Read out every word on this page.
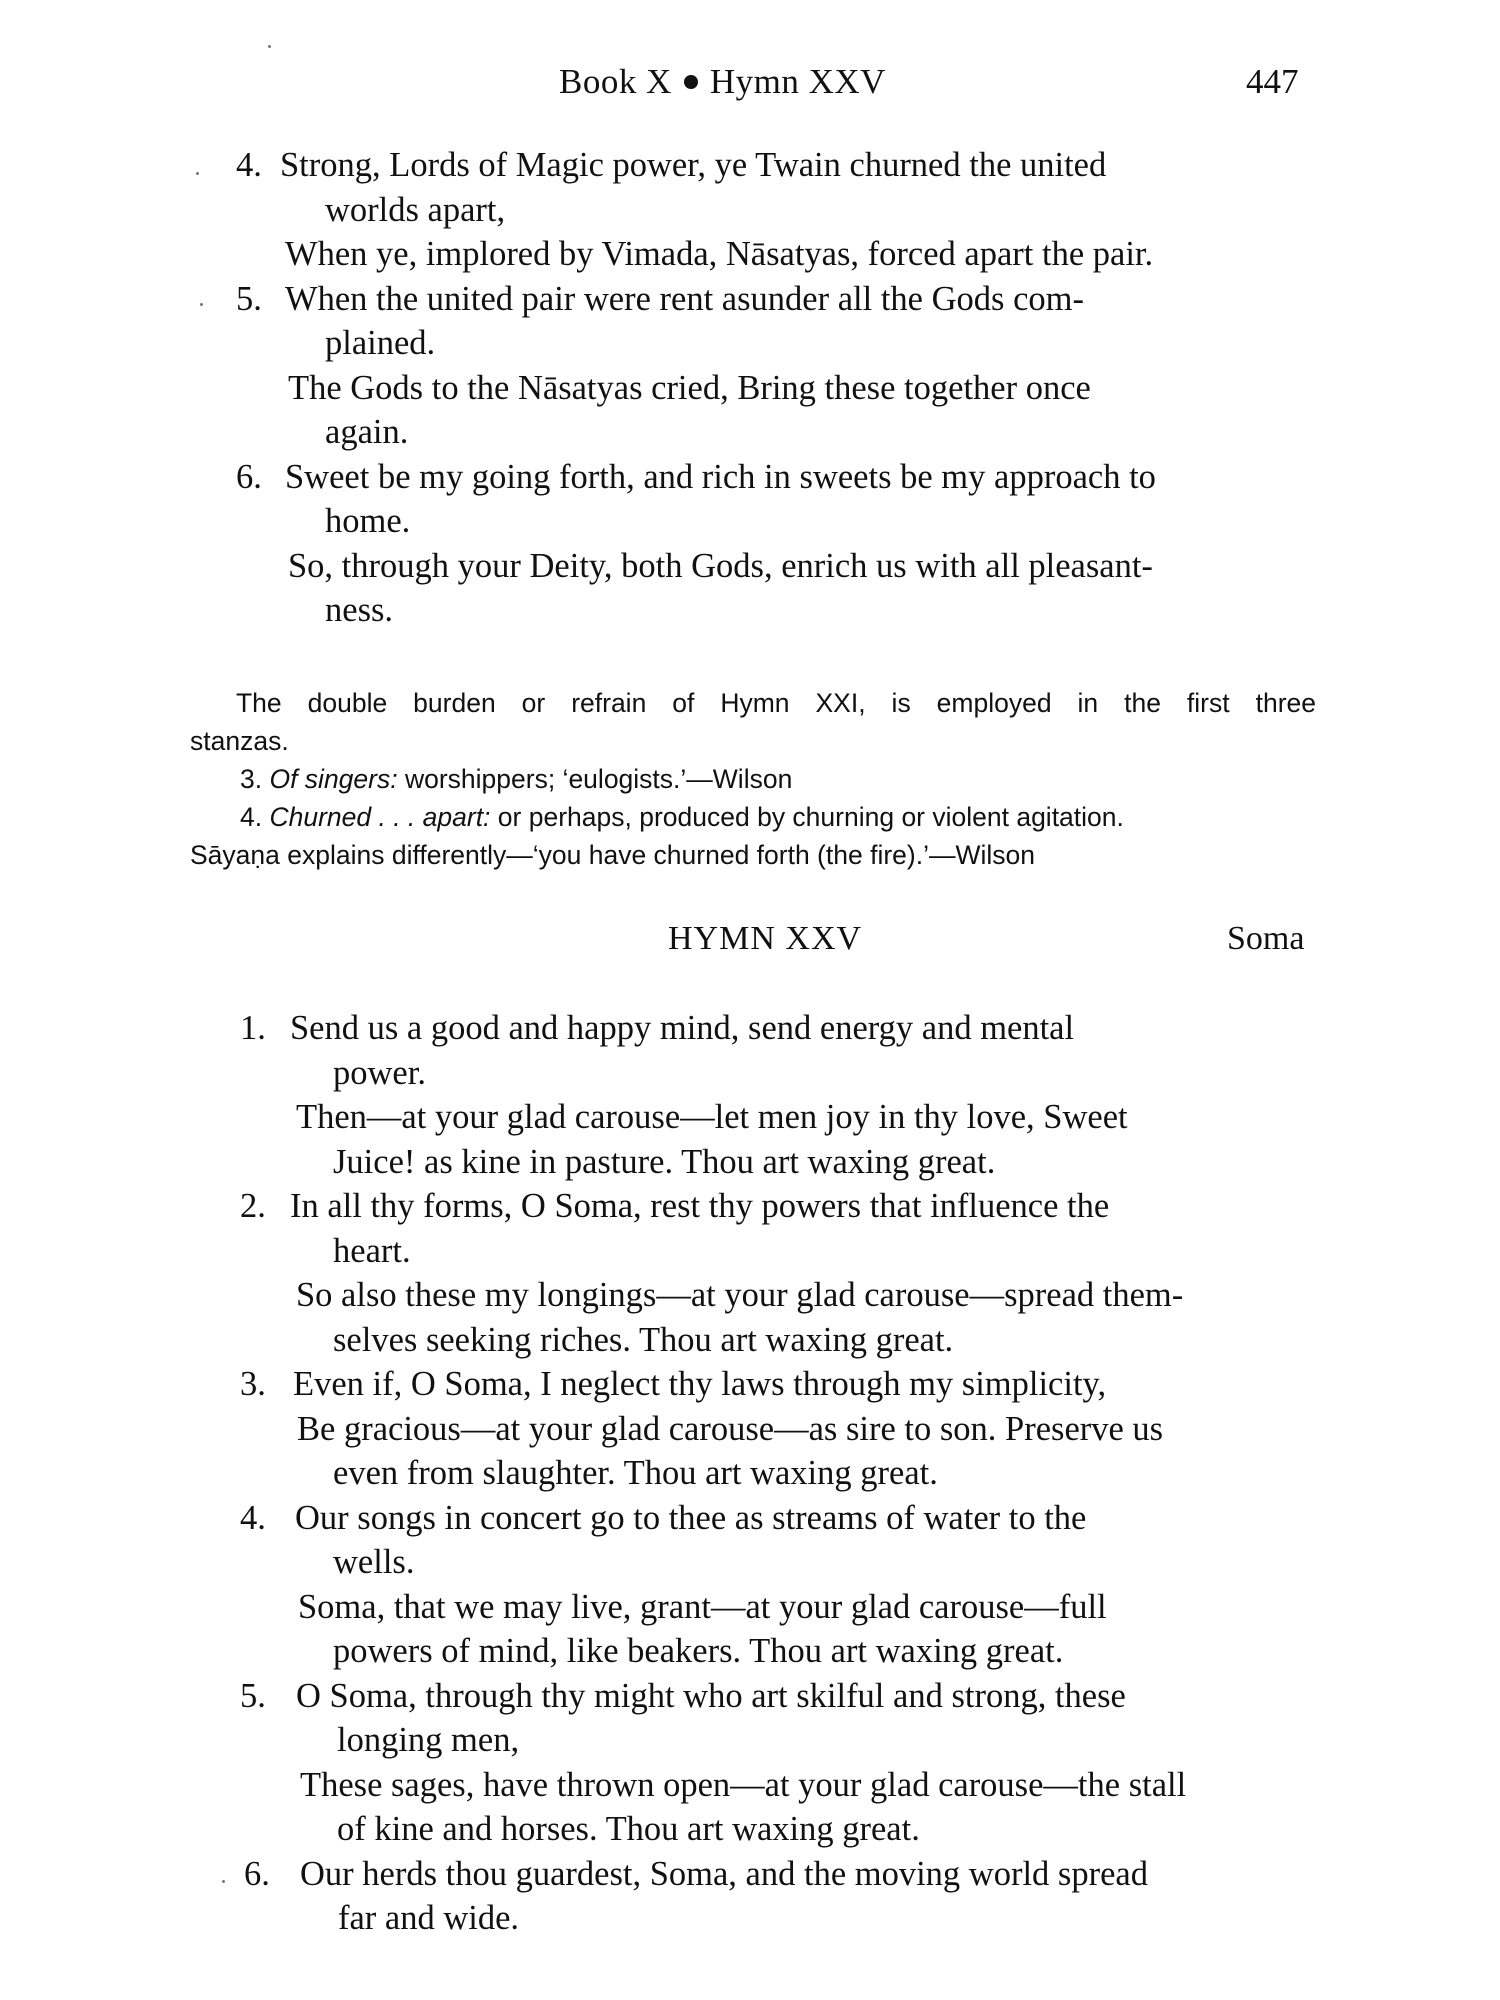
Book X Hymn XXV	447
4. Strong, Lords of Magic power, ye Twain churned the united
worlds apart,
When ye, implored by Vimada, Nāsatyas, forced apart the pair.
5. When the united pair were rent asunder all the Gods com-
plained.
The Gods to the Nāsatyas cried, Bring these together once
again.
6. Sweet be my going forth, and rich in sweets be my approach to
home.
So, through your Deity, both Gods, enrich us with all pleasant-
ness.
The double burden or refrain of Hymn XXI, is employed in the first three
stanzas.
3. Of singers: worshippers; ‘eulogists.’—Wilson
4. Churned . . . apart: or perhaps, produced by churning or violent agitation.
Sāyaṇa explains differently—‘you have churned forth (the fire).’—Wilson
HYMN XXV	Soma
1. Send us a good and happy mind, send energy and mental
power.
Then—at your glad carouse—let men joy in thy love, Sweet
Juice! as kine in pasture. Thou art waxing great.
2. In all thy forms, O Soma, rest thy powers that influence the
heart.
So also these my longings—at your glad carouse—spread them-
selves seeking riches. Thou art waxing great.
3. Even if, O Soma, I neglect thy laws through my simplicity,
Be gracious—at your glad carouse—as sire to son. Preserve us
even from slaughter. Thou art waxing great.
4. Our songs in concert go to thee as streams of water to the
wells.
Soma, that we may live, grant—at your glad carouse—full
powers of mind, like beakers. Thou art waxing great.
5. O Soma, through thy might who art skilful and strong, these
longing men,
These sages, have thrown open—at your glad carouse—the stall
of kine and horses. Thou art waxing great.
6. Our herds thou guardest, Soma, and the moving world spread
far and wide.
